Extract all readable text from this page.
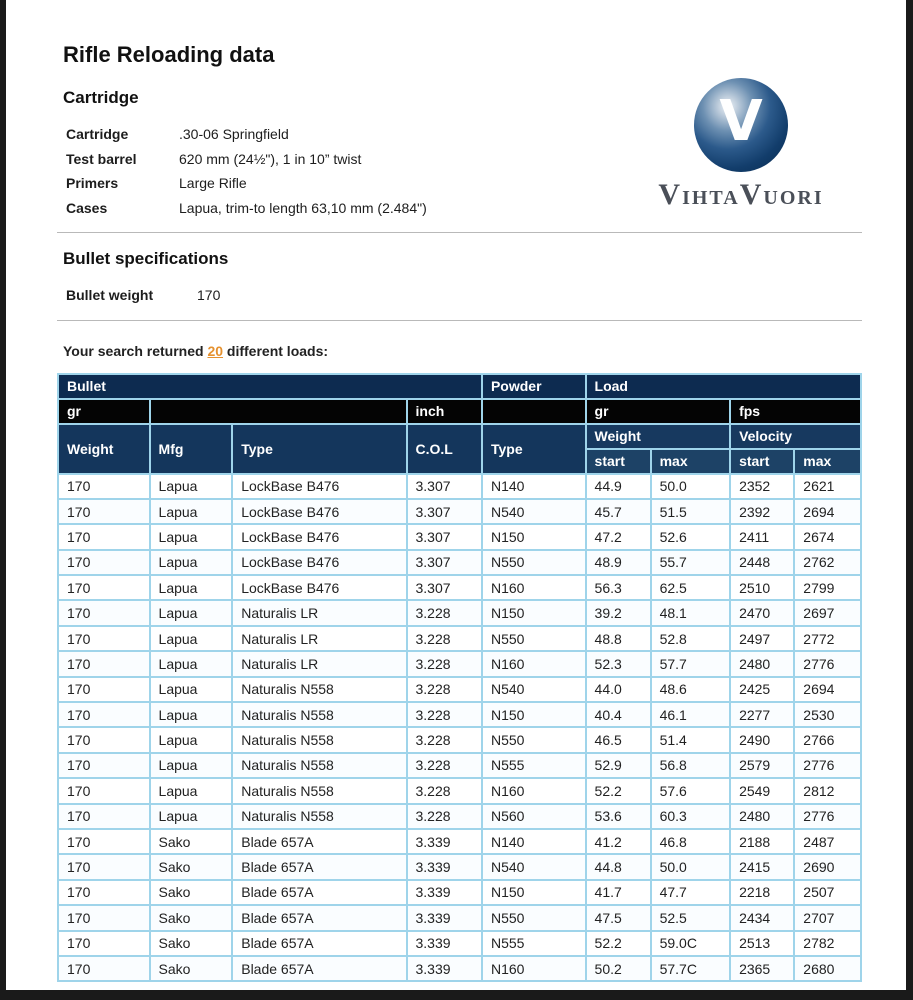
V
VIHTAVUORI
Rifle Reloading data
Cartridge
Cartridge	.30-06 Springfield
Test barrel	620 mm (24½"), 1 in 10” twist
Primers	Large Rifle
Cases	Lapua, trim-to length 63,10 mm (2.484")
Bullet specifications
Bullet weight	170
Your search returned 20 different loads:
Bullet				Powder	Load			
gr			inch		gr		fps	
Weight	Mfg	Type	C.O.L	Type	Weight		Velocity	
					start	max	start	max
170	Lapua	LockBase B476	3.307	N140	44.9	50.0	2352	2621
170	Lapua	LockBase B476	3.307	N540	45.7	51.5	2392	2694
170	Lapua	LockBase B476	3.307	N150	47.2	52.6	2411	2674
170	Lapua	LockBase B476	3.307	N550	48.9	55.7	2448	2762
170	Lapua	LockBase B476	3.307	N160	56.3	62.5	2510	2799
170	Lapua	Naturalis LR	3.228	N150	39.2	48.1	2470	2697
170	Lapua	Naturalis LR	3.228	N550	48.8	52.8	2497	2772
170	Lapua	Naturalis LR	3.228	N160	52.3	57.7	2480	2776
170	Lapua	Naturalis N558	3.228	N540	44.0	48.6	2425	2694
170	Lapua	Naturalis N558	3.228	N150	40.4	46.1	2277	2530
170	Lapua	Naturalis N558	3.228	N550	46.5	51.4	2490	2766
170	Lapua	Naturalis N558	3.228	N555	52.9	56.8	2579	2776
170	Lapua	Naturalis N558	3.228	N160	52.2	57.6	2549	2812
170	Lapua	Naturalis N558	3.228	N560	53.6	60.3	2480	2776
170	Sako	Blade 657A	3.339	N140	41.2	46.8	2188	2487
170	Sako	Blade 657A	3.339	N540	44.8	50.0	2415	2690
170	Sako	Blade 657A	3.339	N150	41.7	47.7	2218	2507
170	Sako	Blade 657A	3.339	N550	47.5	52.5	2434	2707
170	Sako	Blade 657A	3.339	N555	52.2	59.0C	2513	2782
170	Sako	Blade 657A	3.339	N160	50.2	57.7C	2365	2680
